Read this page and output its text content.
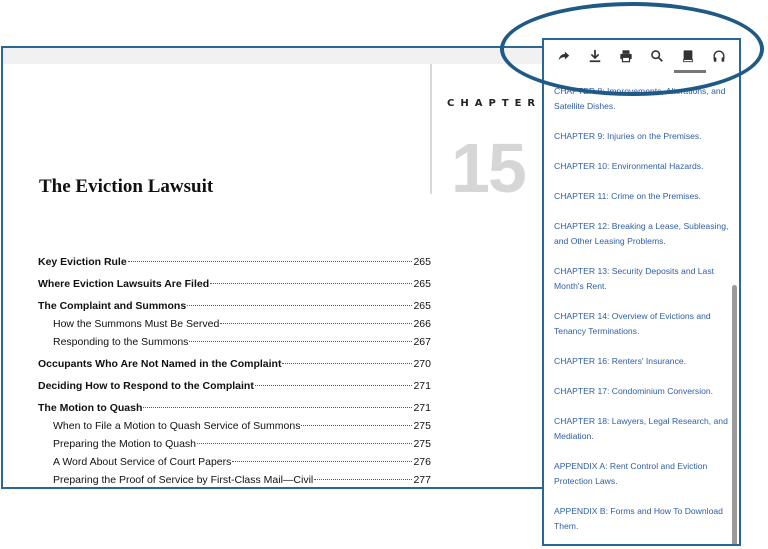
CHAPTER
15
The Eviction Lawsuit
Key Eviction Rule	265
Where Eviction Lawsuits Are Filed	265
The Complaint and Summons	265
How the Summons Must Be Served	266
Responding to the Summons	267
Occupants Who Are Not Named in the Complaint	270
Deciding How to Respond to the Complaint	271
The Motion to Quash	271
When to File a Motion to Quash Service of Summons	275
Preparing the Motion to Quash	275
A Word About Service of Court Papers	276
Preparing the Proof of Service by First-Class Mail—Civil	277
CHAPTER 8: Improvements, Alterations, and Satellite Dishes.
CHAPTER 9: Injuries on the Premises.
CHAPTER 10: Environmental Hazards.
CHAPTER 11: Crime on the Premises.
CHAPTER 12: Breaking a Lease, Subleasing, and Other Leasing Problems.
CHAPTER 13: Security Deposits and Last Month's Rent.
CHAPTER 14: Overview of Evictions and Tenancy Terminations.
CHAPTER 16: Renters' Insurance.
CHAPTER 17: Condominium Conversion.
CHAPTER 18: Lawyers, Legal Research, and Mediation.
APPENDIX A: Rent Control and Eviction Protection Laws.
APPENDIX B: Forms and How To Download Them.
